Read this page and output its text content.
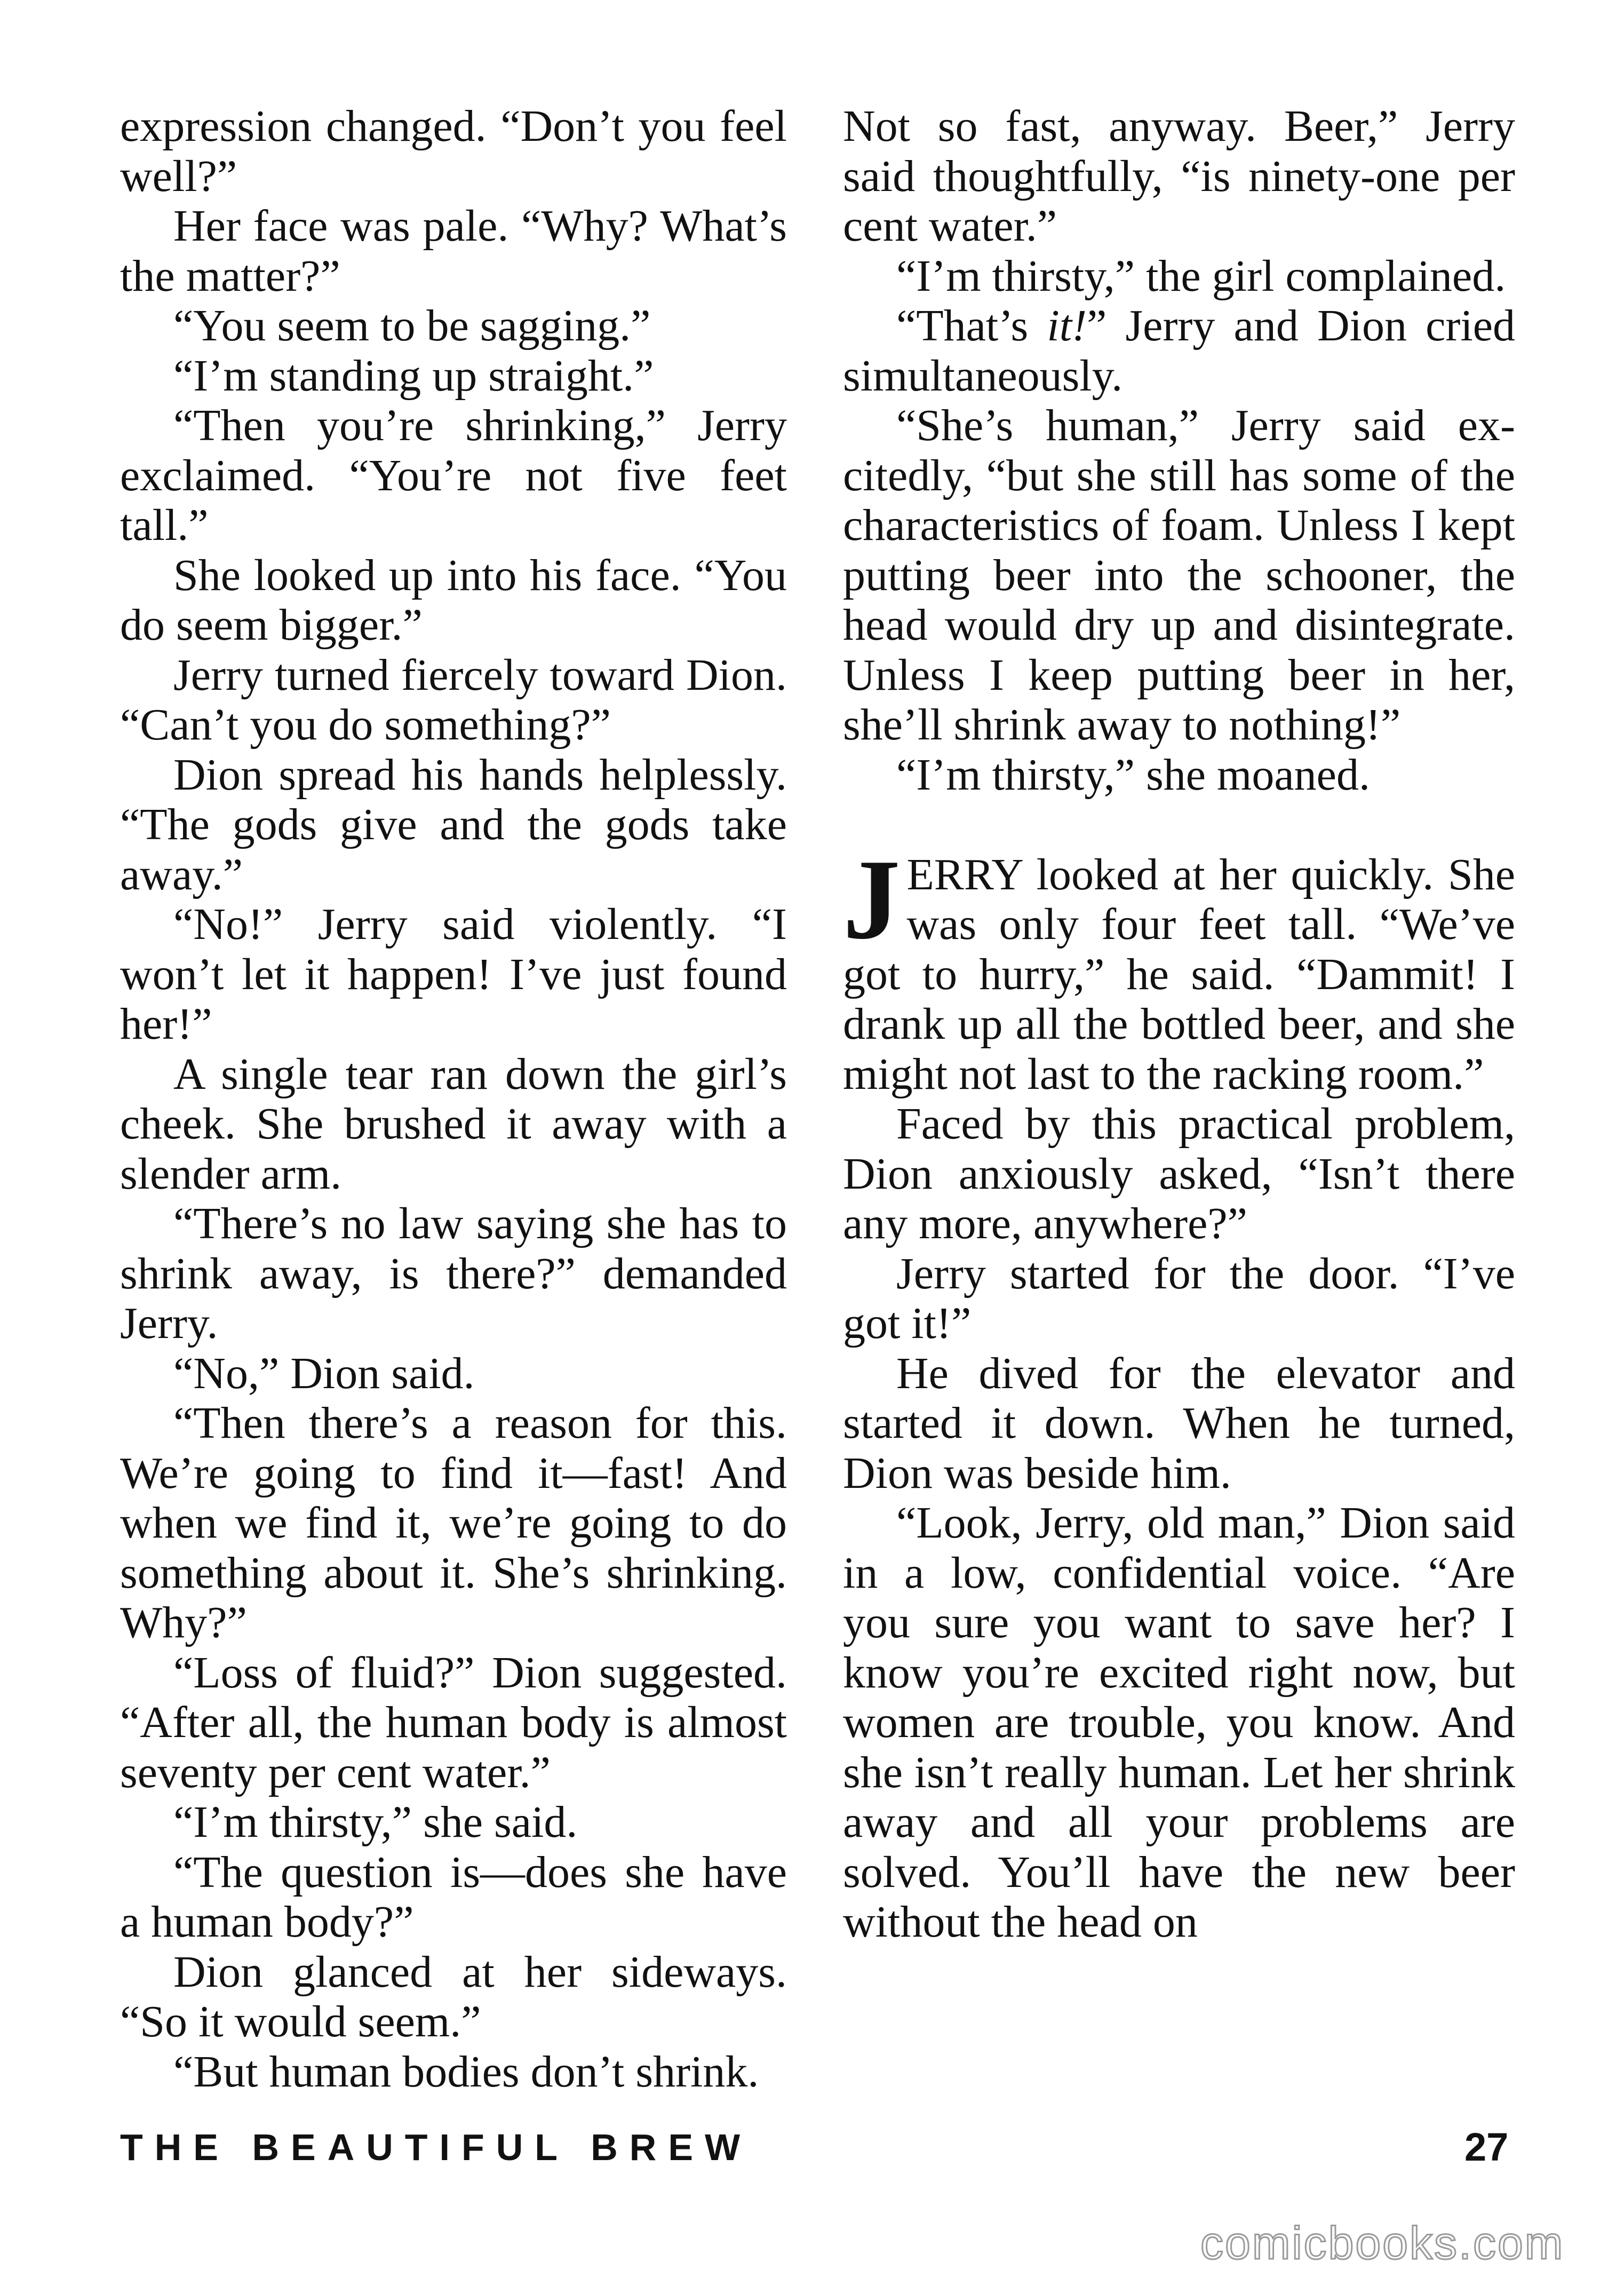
expression changed. “Don’t you feel well?”

Her face was pale. “Why? What’s the matter?”

“You seem to be sagging.”

“I’m standing up straight.”

“Then you’re shrinking,” Jerry exclaimed. “You’re not five feet tall.”

She looked up into his face. “You do seem bigger.”

Jerry turned fiercely toward Dion. “Can’t you do something?”

Dion spread his hands helplessly. “The gods give and the gods take away.”

“No!” Jerry said violently. “I won’t let it happen! I’ve just found her!”

A single tear ran down the girl’s cheek. She brushed it away with a slender arm.

“There’s no law saying she has to shrink away, is there?” demanded Jerry.

“No,” Dion said.

“Then there’s a reason for this. We’re going to find it—fast! And when we find it, we’re going to do something about it. She’s shrinking. Why?”

“Loss of fluid?” Dion suggested. “After all, the human body is almost seventy per cent water.”

“I’m thirsty,” she said.

“The question is—does she have a human body?”

Dion glanced at her sideways. “So it would seem.”

“But human bodies don’t shrink.

Not so fast, anyway. Beer,” Jerry said thoughtfully, “is ninety-one per cent water.”

“I’m thirsty,” the girl complained.

“That’s it!” Jerry and Dion cried simultaneously.

“She’s human,” Jerry said excitedly, “but she still has some of the characteristics of foam. Unless I kept putting beer into the schooner, the head would dry up and disintegrate. Unless I keep putting beer in her, she’ll shrink away to nothing!”

“I’m thirsty,” she moaned.

JERRY looked at her quickly. She was only four feet tall. “We’ve got to hurry,” he said. “Dammit! I drank up all the bottled beer, and she might not last to the racking room.”

Faced by this practical problem, Dion anxiously asked, “Isn’t there any more, anywhere?”

Jerry started for the door. “I’ve got it!”

He dived for the elevator and started it down. When he turned, Dion was beside him.

“Look, Jerry, old man,” Dion said in a low, confidential voice. “Are you sure you want to save her? I know you’re excited right now, but women are trouble, you know. And she isn’t really human. Let her shrink away and all your problems are solved. You’ll have the new beer without the head on

THE BEAUTIFUL BREW	27
comicbooks.com
